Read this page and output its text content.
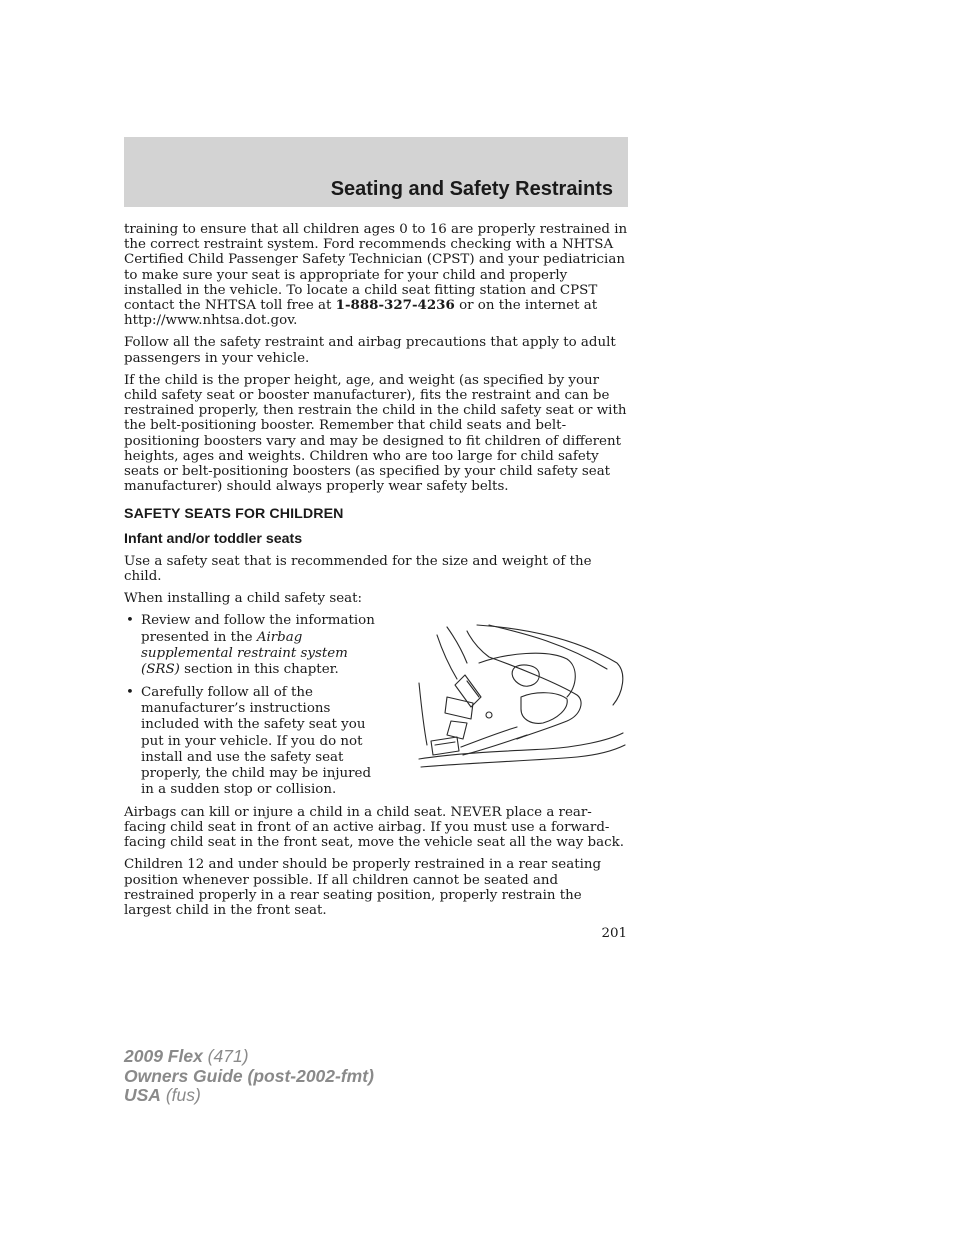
Seating and Safety Restraints

training to ensure that all children ages 0 to 16 are properly restrained in the correct restraint system. Ford recommends checking with a NHTSA Certified Child Passenger Safety Technician (CPST) and your pediatrician to make sure your seat is appropriate for your child and properly installed in the vehicle. To locate a child seat fitting station and CPST contact the NHTSA toll free at 1-888-327-4236 or on the internet at http://www.nhtsa.dot.gov.

Follow all the safety restraint and airbag precautions that apply to adult passengers in your vehicle.

If the child is the proper height, age, and weight (as specified by your child safety seat or booster manufacturer), fits the restraint and can be restrained properly, then restrain the child in the child safety seat or with the belt-positioning booster. Remember that child seats and belt-positioning boosters vary and may be designed to fit children of different heights, ages and weights. Children who are too large for child safety seats or belt-positioning boosters (as specified by your child safety seat manufacturer) should always properly wear safety belts.

SAFETY SEATS FOR CHILDREN
Infant and/or toddler seats

Use a safety seat that is recommended for the size and weight of the child.

When installing a child safety seat:

• Review and follow the information presented in the Airbag supplemental restraint system (SRS) section in this chapter.
• Carefully follow all of the manufacturer’s instructions included with the safety seat you put in your vehicle. If you do not install and use the safety seat properly, the child may be injured in a sudden stop or collision.

Airbags can kill or injure a child in a child seat. NEVER place a rear-facing child seat in front of an active airbag. If you must use a forward-facing child seat in the front seat, move the vehicle seat all the way back.

Children 12 and under should be properly restrained in a rear seating position whenever possible. If all children cannot be seated and restrained properly in a rear seating position, properly restrain the largest child in the front seat.

201
2009 Flex (471)
Owners Guide (post-2002-fmt)
USA (fus)
